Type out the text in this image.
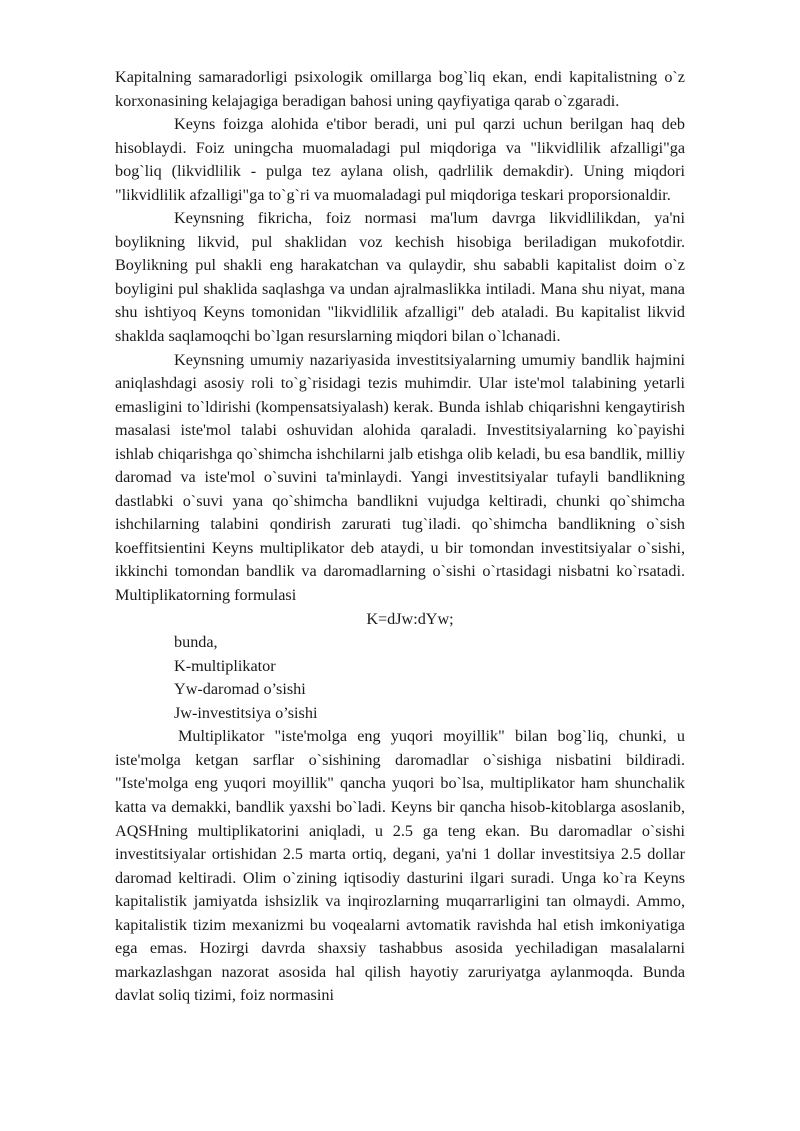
Kapitalning samaradorligi psixologik omillarga bog`liq ekan, endi kapitalistning o`z korxonasining kelajagiga beradigan bahosi uning qayfiyatiga qarab o`zgaradi.

Keyns foizga alohida e'tibor beradi, uni pul qarzi uchun berilgan haq deb hisoblaydi. Foiz uningcha muomaladagi pul miqdoriga va "likvidlilik afzalligi"ga bog`liq (likvidlilik - pulga tez aylana olish, qadrlilik demakdir). Uning miqdori "likvidlilik afzalligi"ga to`g`ri va muomaladagi pul miqdoriga teskari proporsionaldir.

Keynsning fikricha, foiz normasi ma'lum davrga likvidlilikdan, ya'ni boylikning likvid, pul shaklidan voz kechish hisobiga beriladigan mukofotdir. Boylikning pul shakli eng harakatchan va qulaydir, shu sababli kapitalist doim o`z boyligini pul shaklida saqlashga va undan ajralmaslikka intiladi. Mana shu niyat, mana shu ishtiyoq Keyns tomonidan "likvidlilik afzalligi" deb ataladi. Bu kapitalist likvid shaklda saqlamoqchi bo`lgan resurslarning miqdori bilan o`lchanadi.

Keynsning umumiy nazariyasida investitsiyalarning umumiy bandlik hajmini aniqlashdagi asosiy roli to`g`risidagi tezis muhimdir. Ular iste'mol talabining yetarli emasligini to`ldirishi (kompensatsiyalash) kerak. Bunda ishlab chiqarishni kengaytirish masalasi iste'mol talabi oshuvidan alohida qaraladi. Investitsiyalarning ko`payishi ishlab chiqarishga qo`shimcha ishchilarni jalb etishga olib keladi, bu esa bandlik, milliy daromad va iste'mol o`suvini ta'minlaydi. Yangi investitsiyalar tufayli bandlikning dastlabki o`suvi yana qo`shimcha bandlikni vujudga keltiradi, chunki qo`shimcha ishchilarning talabini qondirish zarurati tug`iladi. qo`shimcha bandlikning o`sish koeffitsientini Keyns multiplikator deb ataydi, u bir tomondan investitsiyalar o`sishi, ikkinchi tomondan bandlik va daromadlarning o`sishi o`rtasidagi nisbatni ko`rsatadi. Multiplikatorning formulasi

K=dJw:dYw;

bunda,
K-multiplikator
Yw-daromad o’sishi
Jw-investitsiya o’sishi

Multiplikator "iste'molga eng yuqori moyillik" bilan bog`liq, chunki, u iste'molga ketgan sarflar o`sishining daromadlar o`sishiga nisbatini bildiradi. "Iste'molga eng yuqori moyillik" qancha yuqori bo`lsa, multiplikator ham shunchalik katta va demakki, bandlik yaxshi bo`ladi. Keyns bir qancha hisob-kitoblarga asoslanib, AQSHning multiplikatorini aniqladi, u 2.5 ga teng ekan. Bu daromadlar o`sishi investitsiyalar ortishidan 2.5 marta ortiq, degani, ya'ni 1 dollar investitsiya 2.5 dollar daromad keltiradi. Olim o`zining iqtisodiy dasturini ilgari suradi. Unga ko`ra Keyns kapitalistik jamiyatda ishsizlik va inqirozlarning muqarrarligini tan olmaydi. Ammo, kapitalistik tizim mexanizmi bu voqealarni avtomatik ravishda hal etish imkoniyatiga ega emas. Hozirgi davrda shaxsiy tashabbus asosida yechiladigan masalalarni markazlashgan nazorat asosida hal qilish hayotiy zaruriyatga aylanmoqda. Bunda davlat soliq tizimi, foiz normasini
